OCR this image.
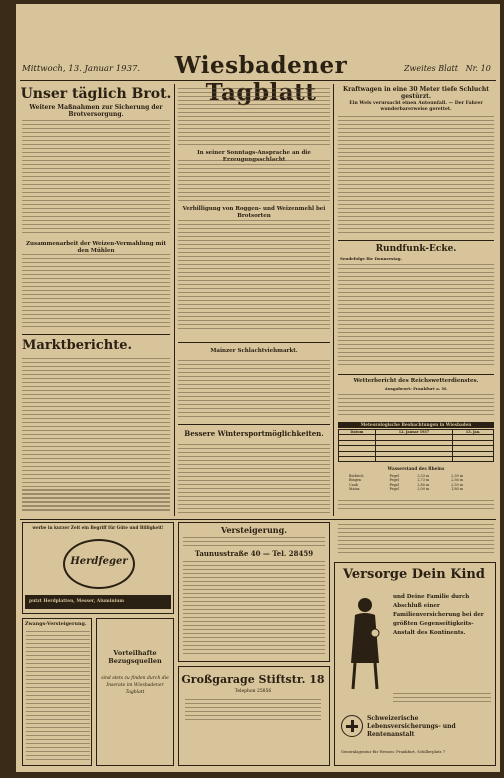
Mittwoch, 13. Januar 1937.	Wiesbadener	Zweites Blatt Nr. 10
Unser täglich Brot.
Weitere Maßnahmen zur Sicherung der Brotversorgung.
Zusammenarbeit der Weizen-Vermahlung mit den Mühlen
Marktberichte.
In seiner Sonntags-Ansprache an die
Verbilligung von Roggen- und Weizenmehl bei Brotsorten
Mainzer Schlachtviehmarkt.
Bessere Wintersportmöglichkeiten.
Kraftwagen in eine 30 Meter tiefe Schlucht gestürzt.
Ein Wels verursacht einen Autounfall. — Der Fahrer wunderbarerweise gerettet.
Rundfunk-Ecke.
Sendefolge für Donnerstag.
Wetterbericht des Reichswetterdienstes.
Ausgabeort: Frankfurt a. M.
Meteorologische Beobachtungen in Wiesbaden
Datum	12. Januar 1937	13. Jan.

Wasserstand des Rheins
Biebrich	Pegel	2,53 m	2,39 m
Bingen	Pegel	2,73 m	2,56 m
Caub	Pegel	2,80 m	2,59 m
Mainz	Pegel	2,00 m	1,88 m
werbe in kurzer Zeit ein Begriff für Güte und Billigkeit!
Herdfeger
putzt Herdplatten, Messer, Aluminium
Zwangs-Versteigerung.
Vorteilhafte Bezugsquellen
sind stets zu finden durch die Inserate im Wiesbadener Tagblatt
Versteigerung.
Taunusstraße 40 — Tel. 28459
Großgarage Stiftstr. 18
Telephon 25856
Versorge Dein Kind
und Deine Familie durch Abschluß einer Familienversicherung bei der größten Gegenseitigkeits-Anstalt des Kontinents.
Schweizerische Lebensversicherungs- und Rentenanstalt
Generalagentur für Hessen: Frankfurt, Schillerplatz 7
